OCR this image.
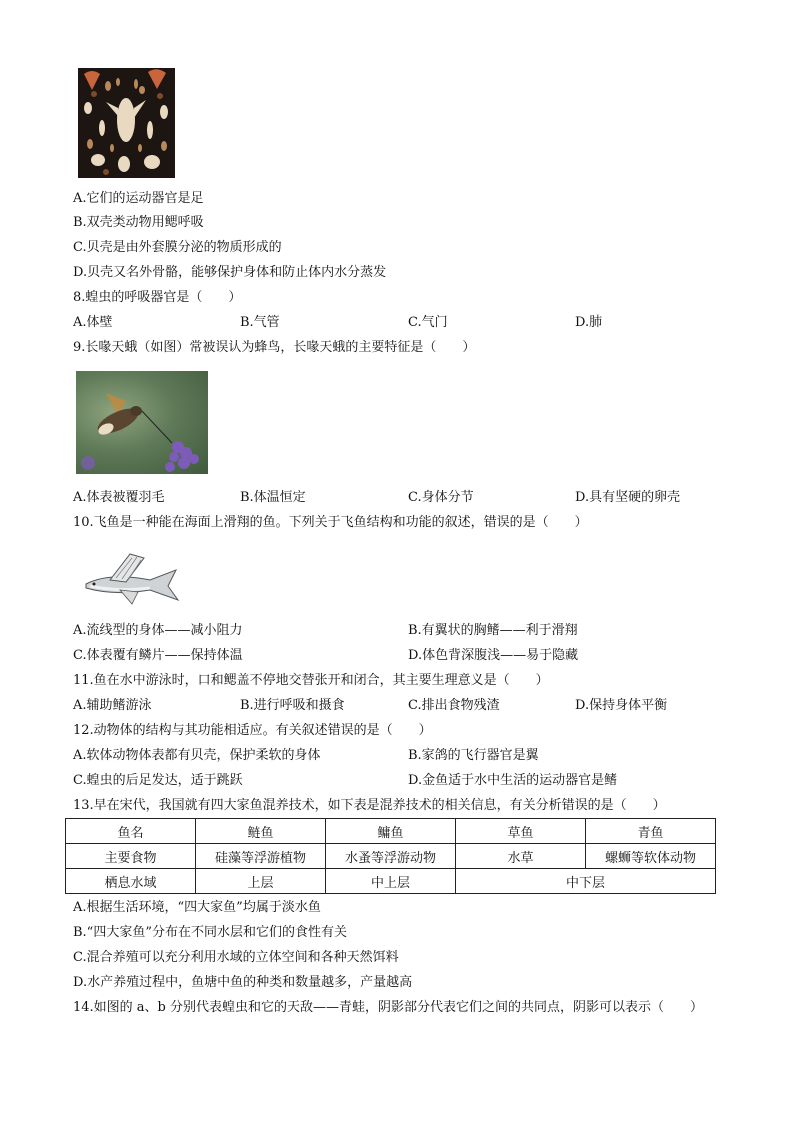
A.它们的运动器官是足
B.双壳类动物用鳃呼吸
C.贝壳是由外套膜分泌的物质形成的
D.贝壳又名外骨骼，能够保护身体和防止体内水分蒸发
8.蝗虫的呼吸器官是（　　）
A.体壁	B.气管	C.气门	D.肺
9.长喙天蛾（如图）常被误认为蜂鸟，长喙天蛾的主要特征是（　　）
A.体表被覆羽毛	B.体温恒定	C.身体分节	D.具有坚硬的卵壳
10.飞鱼是一种能在海面上滑翔的鱼。下列关于飞鱼结构和功能的叙述，错误的是（　　）
A.流线型的身体——减小阻力	B.有翼状的胸鳍——利于滑翔
C.体表覆有鳞片——保持体温	D.体色背深腹浅——易于隐藏
11.鱼在水中游泳时，口和鳃盖不停地交替张开和闭合，其主要生理意义是（　　）
A.辅助鳍游泳	B.进行呼吸和摄食	C.排出食物残渣	D.保持身体平衡
12.动物体的结构与其功能相适应。有关叙述错误的是（　　）
A.软体动物体表都有贝壳，保护柔软的身体	B.家鸽的飞行器官是翼
C.蝗虫的后足发达，适于跳跃	D.金鱼适于水中生活的运动器官是鳍
13.早在宋代，我国就有四大家鱼混养技术，如下表是混养技术的相关信息，有关分析错误的是（　　）
鱼名	鲢鱼	鳙鱼	草鱼	青鱼
主要食物	硅藻等浮游植物	水蚤等浮游动物	水草	螺蛳等软体动物
栖息水域	上层	中上层	中下层	
A.根据生活环境，“四大家鱼”均属于淡水鱼
B.“四大家鱼”分布在不同水层和它们的食性有关
C.混合养殖可以充分利用水域的立体空间和各种天然饵料
D.水产养殖过程中，鱼塘中鱼的种类和数量越多，产量越高
14.如图的 a、b 分别代表蝗虫和它的天敌——青蛙，阴影部分代表它们之间的共同点，阴影可以表示（　　）
